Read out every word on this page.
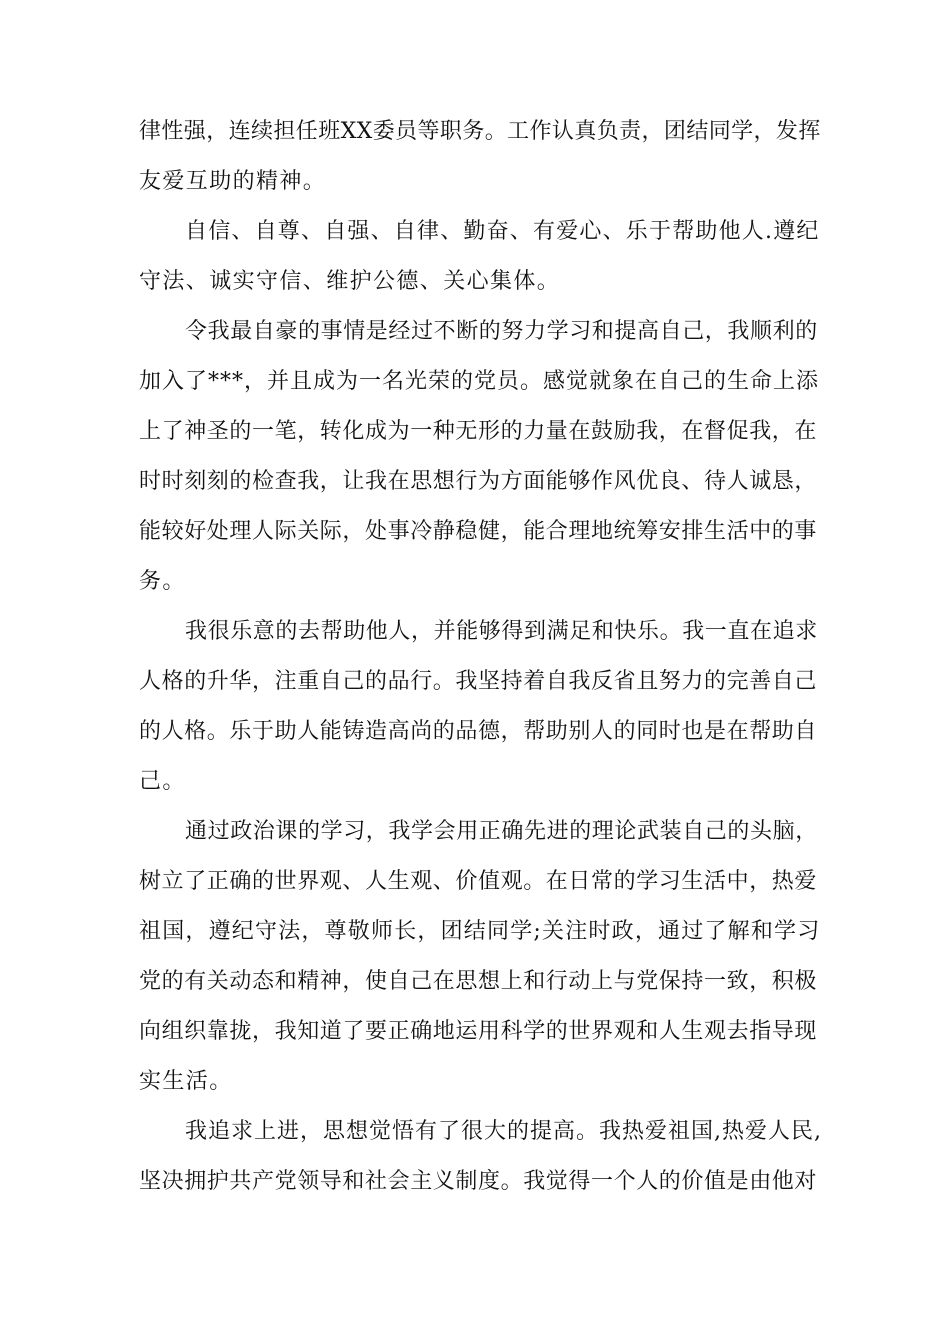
律性强，连续担任班XX委员等职务。工作认真负责，团结同学，发挥

友爱互助的精神。

自信、自尊、自强、自律、勤奋、有爱心、乐于帮助他人.遵纪

守法、诚实守信、维护公德、关心集体。

令我最自豪的事情是经过不断的努力学习和提高自己，我顺利的

加入了***，并且成为一名光荣的党员。感觉就象在自己的生命上添

上了神圣的一笔，转化成为一种无形的力量在鼓励我，在督促我，在

时时刻刻的检查我，让我在思想行为方面能够作风优良、待人诚恳，

能较好处理人际关际，处事冷静稳健，能合理地统筹安排生活中的事

务。

我很乐意的去帮助他人，并能够得到满足和快乐。我一直在追求

人格的升华，注重自己的品行。我坚持着自我反省且努力的完善自己

的人格。乐于助人能铸造高尚的品德，帮助别人的同时也是在帮助自

己。

通过政治课的学习，我学会用正确先进的理论武装自己的头脑，

树立了正确的世界观、人生观、价值观。在日常的学习生活中，热爱

祖国，遵纪守法，尊敬师长，团结同学;关注时政，通过了解和学习

党的有关动态和精神，使自己在思想上和行动上与党保持一致，积极

向组织靠拢，我知道了要正确地运用科学的世界观和人生观去指导现

实生活。

我追求上进，思想觉悟有了很大的提高。我热爱祖国,热爱人民,

坚决拥护共产党领导和社会主义制度。我觉得一个人的价值是由他对
